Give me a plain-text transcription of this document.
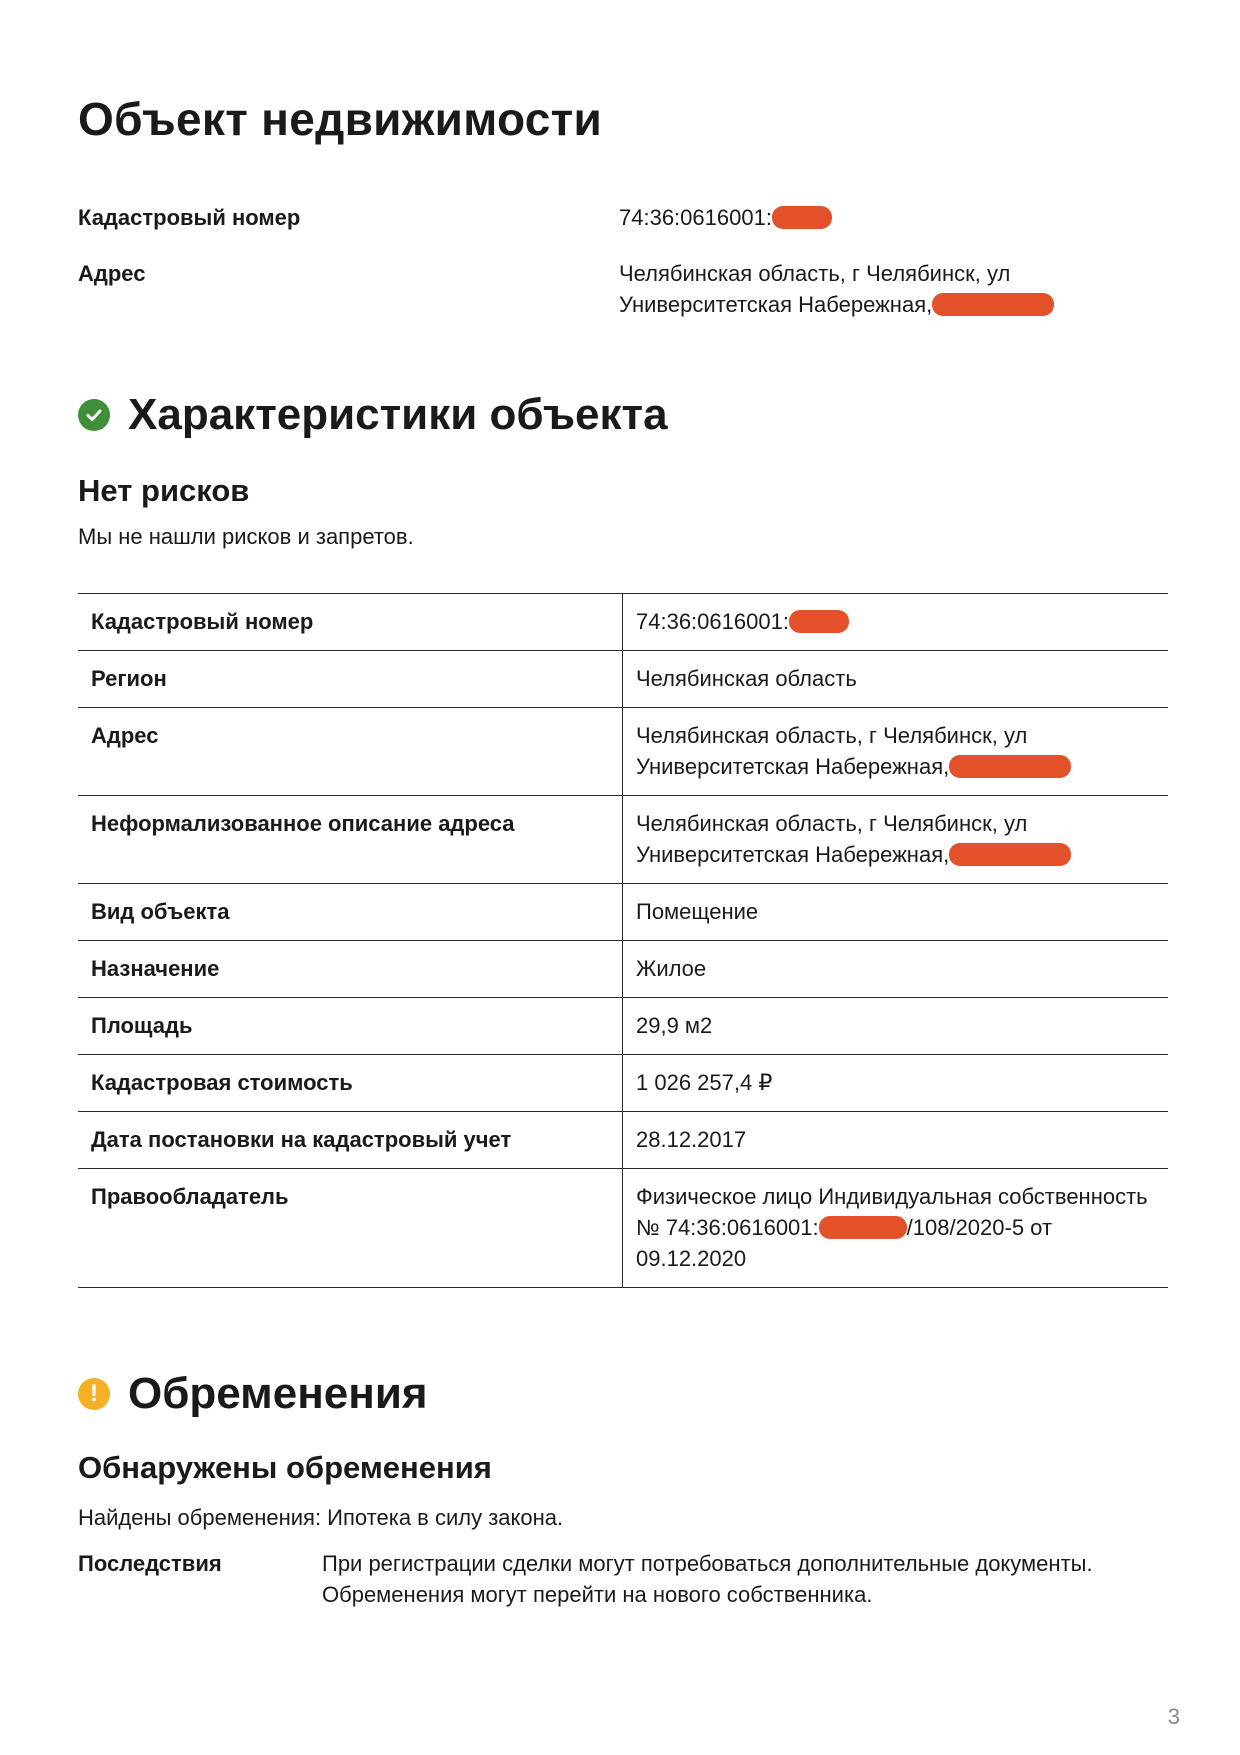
Объект недвижимости
Кадастровый номер	74:36:0616001:
Адрес	Челябинская область, г Челябинск, ул
Университетская Набережная,
Характеристики объекта
Нет рисков

Мы не нашли рисков и запретов.

Кадастровый номер	74:36:0616001:
Регион	Челябинская область
Адрес	Челябинская область, г Челябинск, ул
Университетская Набережная,
Неформализованное описание адреса	Челябинская область, г Челябинск, ул
Университетская Набережная,
Вид объекта	Помещение
Назначение	Жилое
Площадь	29,9 м2
Кадастровая стоимость	1 026 257,4 ₽
Дата постановки на кадастровый учет	28.12.2017
Правообладатель	Физическое лицо Индивидуальная собственность
№ 74:36:0616001: /108/2020-5 от
09.12.2020
! Обременения
Обнаружены обременения

Найдены обременения: Ипотека в силу закона.

Последствия	При регистрации сделки могут потребоваться дополнительные документы.
Обременения могут перейти на нового собственника.
3
